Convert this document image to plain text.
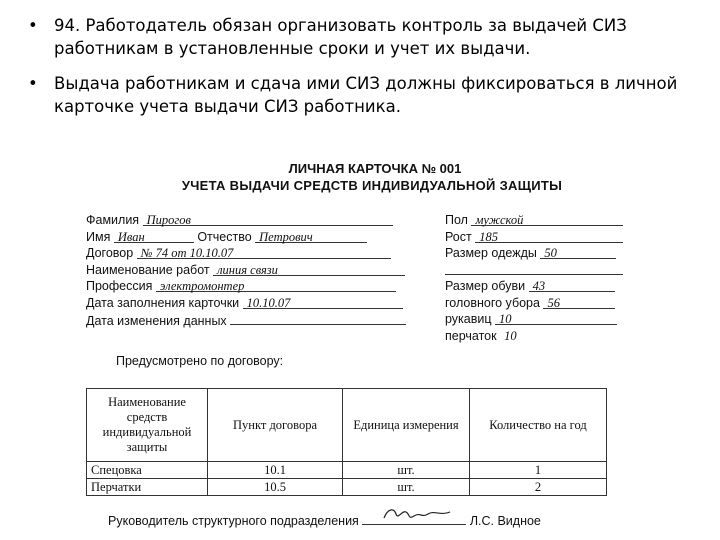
• 94. Работодатель обязан организовать контроль за выдачей СИЗ работникам в установленные сроки и учет их выдачи.
• Выдача работникам и сдача ими СИЗ должны фиксироваться в личной карточке учета выдачи СИЗ работника.
ЛИЧНАЯ КАРТОЧКА № 001
УЧЕТА ВЫДАЧИ СРЕДСТВ ИНДИВИДУАЛЬНОЙ ЗАЩИТЫ
Фамилия Пирогов
Имя Иван	Отчество Петрович
Договор № 74 от 10.10.07
Наименование работ линия связи
Профессия электромонтер
Дата заполнения карточки 10.10.07
Дата изменения данных
Пол мужской
Рост 185
Размер одежды 50
Размер обуви 43
головного убора 56
рукавиц 10
перчаток 10
Предусмотрено по договору:
Наименование средств индивидуальной защиты	Пункт договора	Единица измерения	Количество на год
Спецовка	10.1	шт.	1
Перчатки	10.5	шт.	2
Руководитель структурного подразделения	Л.С. Видное
